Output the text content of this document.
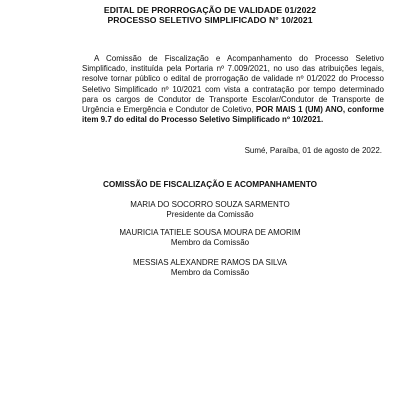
EDITAL DE PRORROGAÇÃO DE VALIDADE 01/2022
PROCESSO SELETIVO SIMPLIFICADO N° 10/2021
A Comissão de Fiscalização e Acompanhamento do Processo Seletivo Simplificado, instituída pela Portaria nº 7.009/2021, no uso das atribuições legais, resolve tornar público o edital de prorrogação de validade nº 01/2022 do Processo Seletivo Simplificado nº 10/2021 com vista a contratação por tempo determinado para os cargos de Condutor de Transporte Escolar/Condutor de Transporte de Urgência e Emergência e Condutor de Coletivo, POR MAIS 1 (UM) ANO, conforme item 9.7 do edital do Processo Seletivo Simplificado nº 10/2021.
Sumé, Paraíba, 01 de agosto de 2022.
COMISSÃO DE FISCALIZAÇÃO E ACOMPANHAMENTO
MARIA DO SOCORRO SOUZA SARMENTO
Presidente da Comissão
MAURICIA TATIELE SOUSA MOURA DE AMORIM
Membro da Comissão
MESSIAS ALEXANDRE RAMOS DA SILVA
Membro da Comissão
